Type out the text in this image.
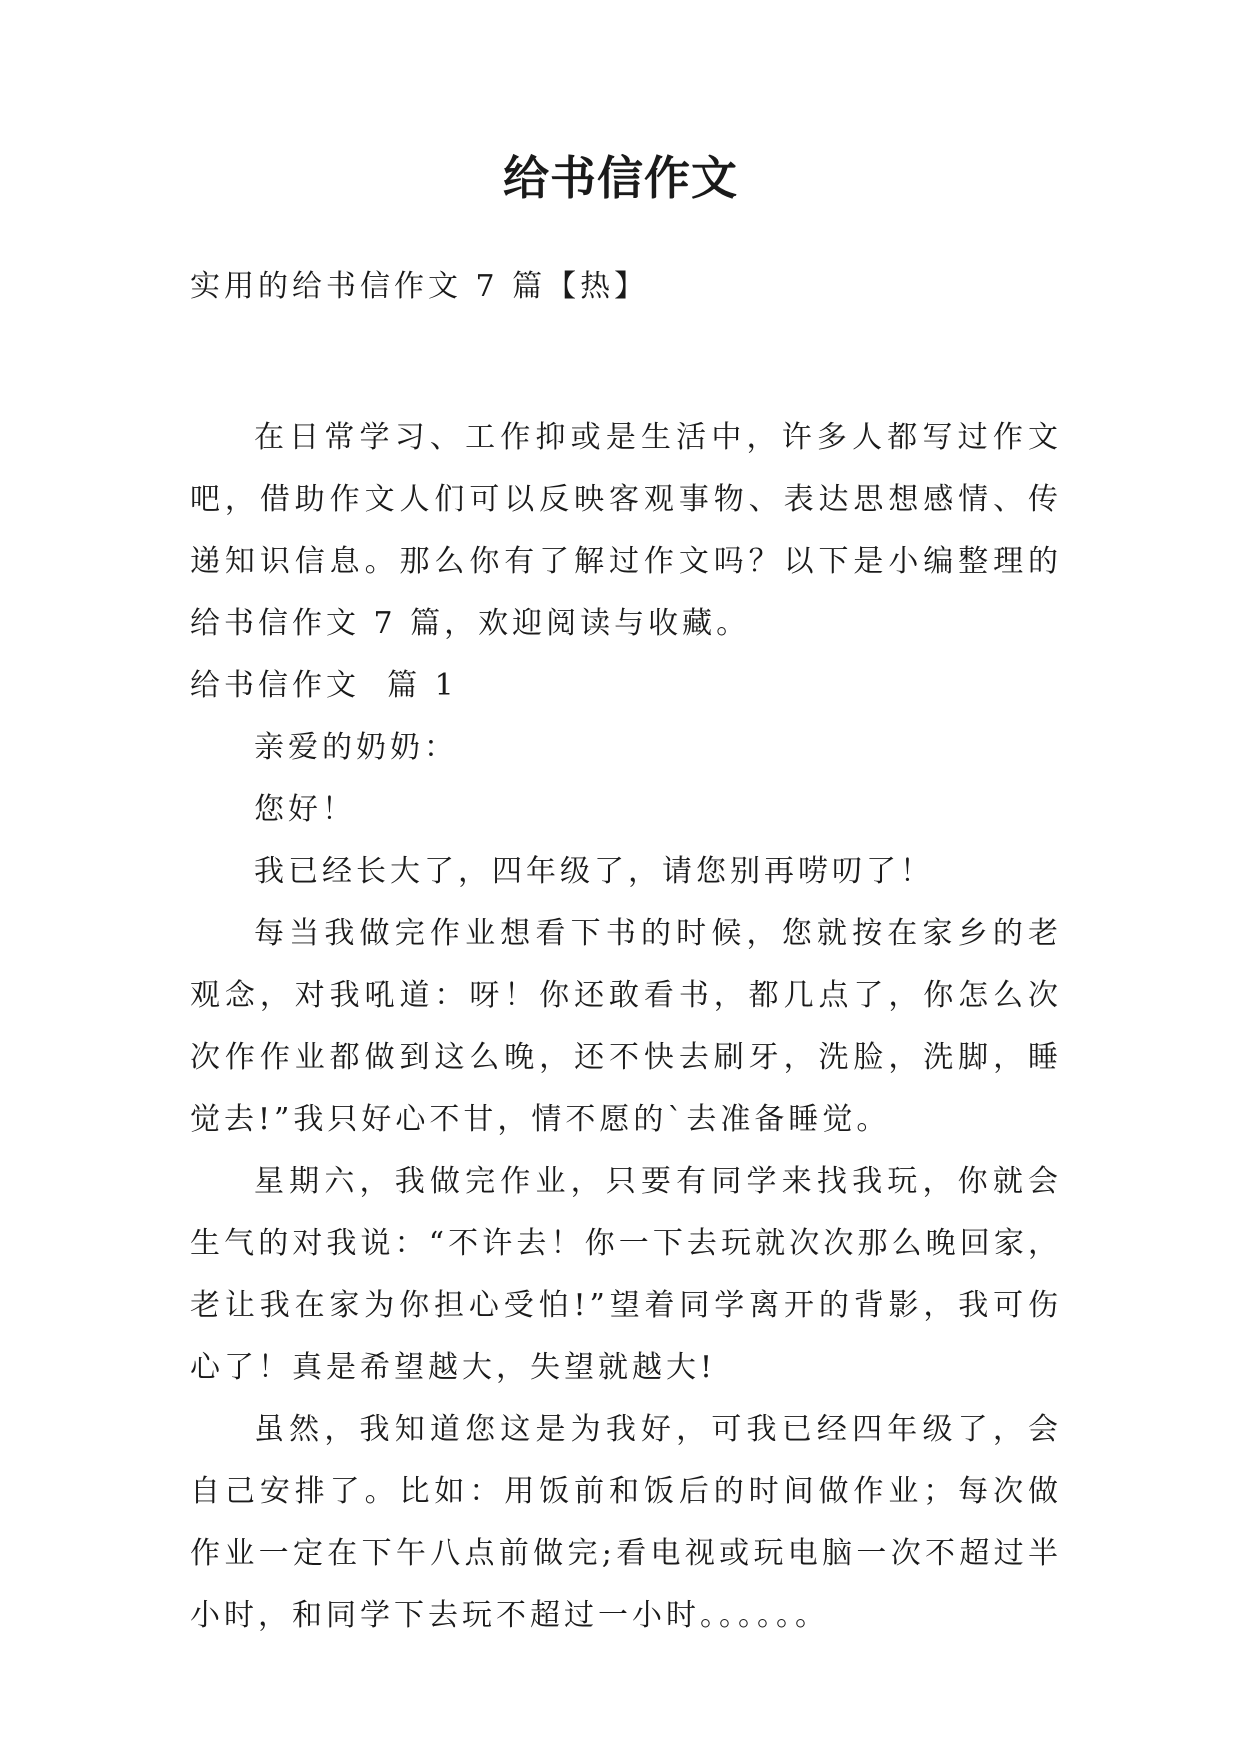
给书信作文

实用的给书信作文 7 篇【热】

在日常学习、工作抑或是生活中，许多人都写过作文吧，借助作文人们可以反映客观事物、表达思想感情、传递知识信息。那么你有了解过作文吗？以下是小编整理的给书信作文 7 篇，欢迎阅读与收藏。

给书信作文  篇 1

亲爱的奶奶：

您好！

我已经长大了，四年级了，请您别再唠叨了！

每当我做完作业想看下书的时候，您就按在家乡的老观念，对我吼道：呀！你还敢看书，都几点了，你怎么次次作作业都做到这么晚，还不快去刷牙，洗脸，洗脚，睡觉去!”我只好心不甘，情不愿的`去准备睡觉。

星期六，我做完作业，只要有同学来找我玩，你就会生气的对我说：“不许去！你一下去玩就次次那么晚回家，老让我在家为你担心受怕!”望着同学离开的背影，我可伤心了！真是希望越大，失望就越大!

虽然，我知道您这是为我好，可我已经四年级了，会自己安排了。比如：用饭前和饭后的时间做作业；每次做作业一定在下午八点前做完;看电视或玩电脑一次不超过半小时，和同学下去玩不超过一小时。。。。。。
